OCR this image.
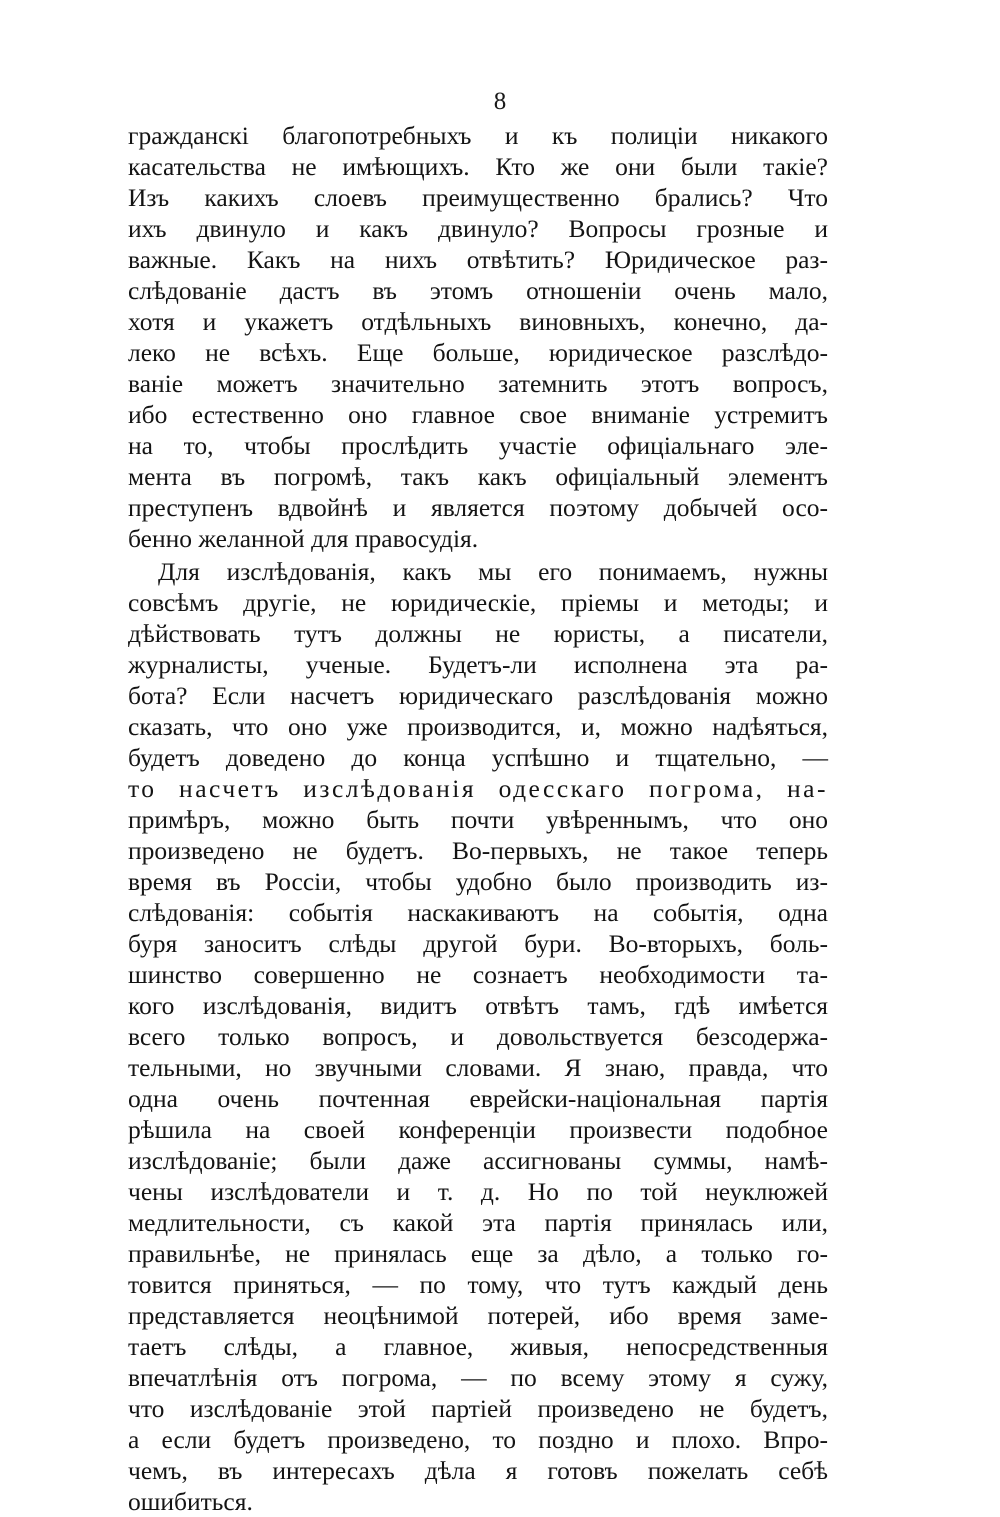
8
гражданскі благопотребныхъ и къ полиціи никакого
касательства не имѣющихъ. Кто же они были такіе?
Изъ какихъ слоевъ преимущественно брались? Что
ихъ двинуло и какъ двинуло? Вопросы грозные и
важные. Какъ на нихъ отвѣтить? Юридическое раз-
слѣдованіе дастъ въ этомъ отношеніи очень мало,
хотя и укажетъ отдѣльныхъ виновныхъ, конечно, да-
леко не всѣхъ. Еще больше, юридическое разслѣдо-
ваніе можетъ значительно затемнить этотъ вопросъ,
ибо естественно оно главное свое вниманіе устремитъ
на то, чтобы прослѣдить участіе офиціальнаго эле-
мента въ погромѣ, такъ какъ офиціальный элементъ
преступенъ вдвойнѣ и является поэтому добычей осо-
бенно желанной для правосудія.
Для изслѣдованія, какъ мы его понимаемъ, нужны
совсѣмъ другіе, не юридическіе, пріемы и методы; и
дѣйствовать тутъ должны не юристы, а писатели,
журналисты, ученые. Будетъ-ли исполнена эта ра-
бота? Если насчетъ юридическаго разслѣдованія можно
сказать, что оно уже производится, и, можно надѣяться,
будетъ доведено до конца успѣшно и тщательно, —
то насчетъ изслѣдованія одесскаго погрома, на-
примѣръ, можно быть почти увѣреннымъ, что оно
произведено не будетъ. Во-первыхъ, не такое теперь
время въ Россіи, чтобы удобно было производить из-
слѣдованія: событія наскакиваютъ на событія, одна
буря заноситъ слѣды другой бури. Во-вторыхъ, боль-
шинство совершенно не сознаетъ необходимости та-
кого изслѣдованія, видитъ отвѣтъ тамъ, гдѣ имѣется
всего только вопросъ, и довольствуется безсодержа-
тельными, но звучными словами. Я знаю, правда, что
одна очень почтенная еврейски-національная партія
рѣшила на своей конференціи произвести подобное
изслѣдованіе; были даже ассигнованы суммы, намѣ-
чены изслѣдователи и т. д. Но по той неуклюжей
медлительности, съ какой эта партія принялась или,
правильнѣе, не принялась еще за дѣло, а только го-
товится приняться, — по тому, что тутъ каждый день
представляется неоцѣнимой потерей, ибо время заме-
таетъ слѣды, а главное, живыя, непосредственныя
впечатлѣнія отъ погрома, — по всему этому я сужу,
что изслѣдованіе этой партіей произведено не будетъ,
а если будетъ произведено, то поздно и плохо. Впро-
чемъ, въ интересахъ дѣла я готовъ пожелать себѣ
ошибиться.
